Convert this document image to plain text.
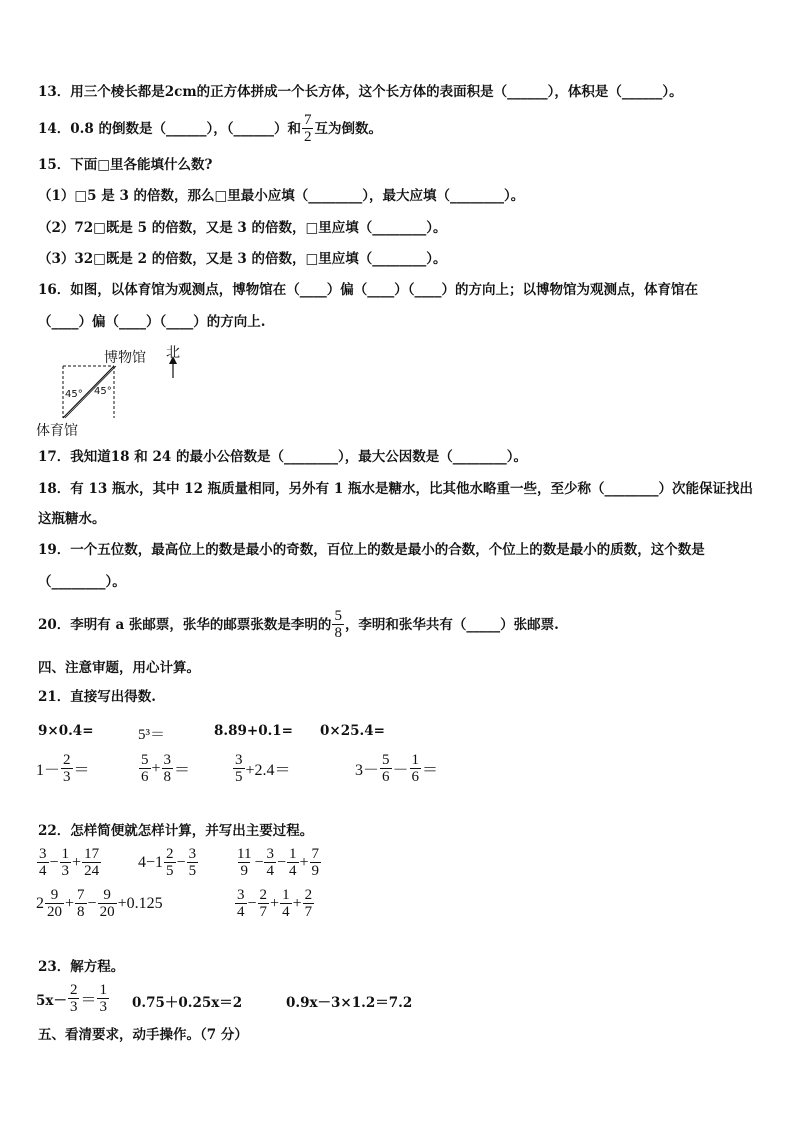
13．用三个棱长都是2cm的正方体拼成一个长方体，这个长方体的表面积是（______），体积是（______）。
14．0.8 的倒数是（______），（______）和 $\frac{7}{2}$ 互为倒数。
15．下面□里各能填什么数?
（1）□5 是 3 的倍数，那么□里最小应填（________），最大应填（________）。
（2）72□既是 5 的倍数，又是 3 的倍数，□里应填（________）。
（3）32□既是 2 的倍数，又是 3 的倍数，□里应填（________）。
16．如图，以体育馆为观测点，博物馆在（____）偏（____）（____）的方向上；以博物馆为观测点，体育馆在
（____）偏（____）（____）的方向上.
博物馆
体育馆
北
45° 45°
17．我知道18 和 24 的最小公倍数是（________），最大公因数是（________）。
18．有 13 瓶水，其中 12 瓶质量相同，另外有 1 瓶水是糖水，比其他水略重一些，至少称（________）次能保证找出
这瓶糖水。
19．一个五位数，最高位上的数是最小的奇数，百位上的数是最小的合数，个位上的数是最小的质数，这个数是
（________）。
20．李明有 a 张邮票，张华的邮票张数是李明的 $\frac{5}{8}$ ，李明和张华共有（_____）张邮票.
四、注意审题，用心计算。
21．直接写出得数.
9×0.4=	5³＝	8.89+0.1= 0×25.4=
$1- \frac{2}{3}$ ＝	$\frac{5}{6} + \frac{3}{8}$ ＝	$\frac{3}{5} +2.4=$	$3- \frac{5}{6} - \frac{1}{6}$ ＝
22．怎样简便就怎样计算，并写出主要过程。
$\frac{3}{4} - \frac{1}{3} + \frac{17}{24} 4-1 \frac{2}{5} - \frac{3}{5} \frac{11}{9} - \frac{3}{4} - \frac{1}{4} + \frac{7}{9}$
$2 \frac{9}{20} + \frac{7}{8} - \frac{9}{20} +0.125$	$\frac{3}{4} - \frac{2}{7} + \frac{1}{4} + \frac{2}{7}$
23．解方程。
$5x- \frac{2}{3} = \frac{1}{3} 0.75+0.25x=2$	0.9x－3×1.2＝7.2
五、看清要求，动手操作。（7 分）
